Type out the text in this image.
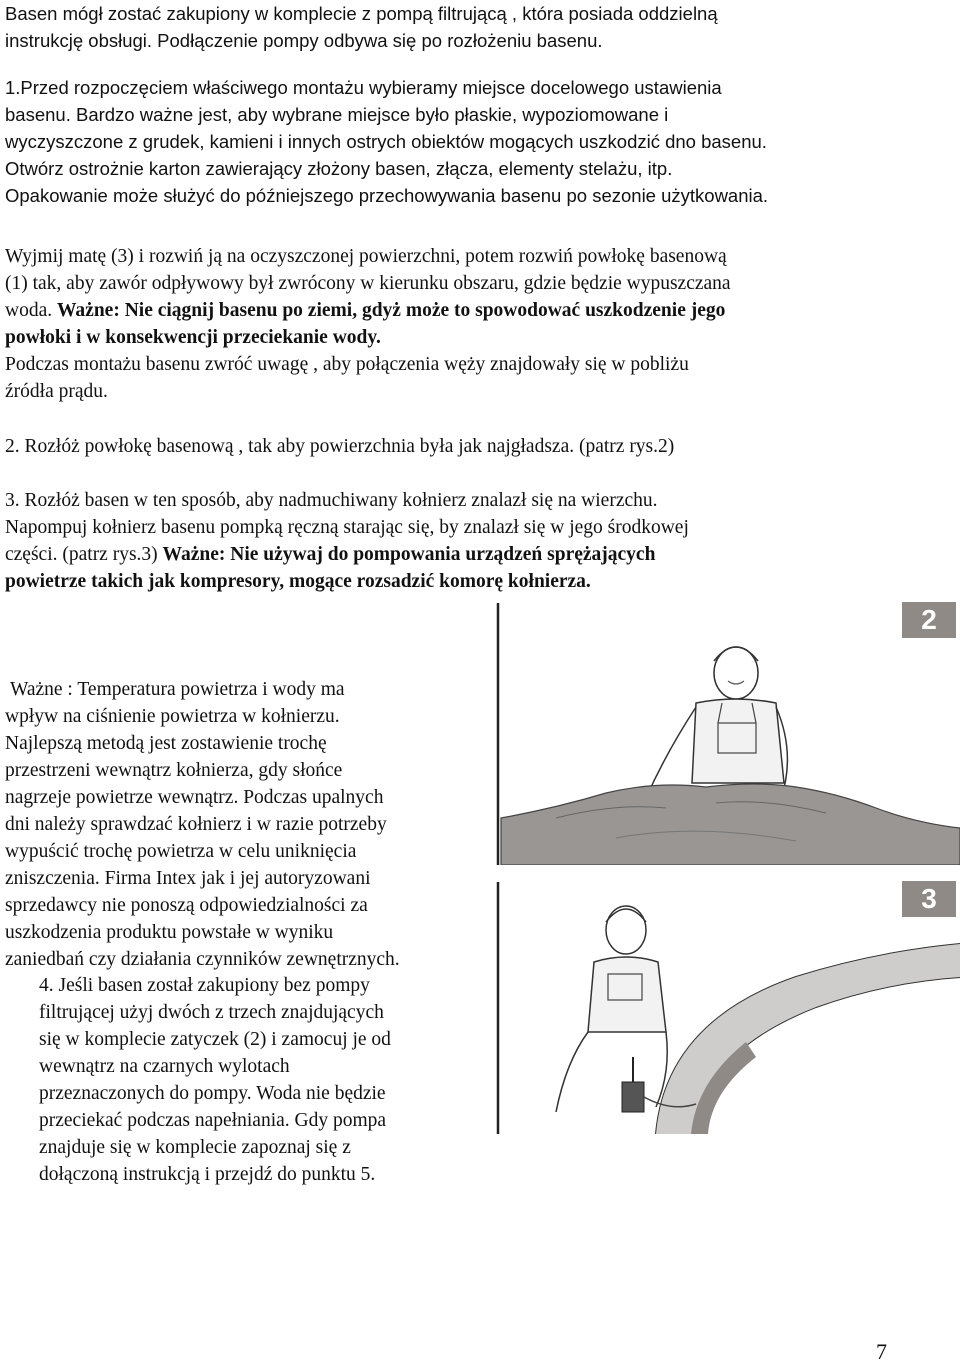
Basen mógł zostać zakupiony w komplecie z pompą filtrującą , która posiada oddzielną

instrukcję obsługi. Podłączenie pompy odbywa się po rozłożeniu basenu.

1.Przed rozpoczęciem właściwego montażu wybieramy miejsce docelowego ustawienia

basenu. Bardzo ważne jest, aby wybrane miejsce było płaskie, wypoziomowane i

wyczyszczone z grudek, kamieni i innych ostrych obiektów mogących uszkodzić dno basenu.

Otwórz ostrożnie karton zawierający złożony basen, złącza, elementy stelażu, itp.

Opakowanie może służyć do późniejszego przechowywania basenu po sezonie użytkowania.

Wyjmij matę (3) i rozwiń ją na oczyszczonej powierzchni, potem rozwiń powłokę basenową

(1) tak, aby zawór odpływowy był zwrócony w kierunku obszaru, gdzie będzie wypuszczana

woda. Ważne: Nie ciągnij basenu po ziemi, gdyż może to spowodować uszkodzenie jego

powłoki i w konsekwencji przeciekanie wody.

Podczas montażu basenu zwróć uwagę , aby połączenia węży znajdowały się w pobliżu

źródła prądu.

2. Rozłóż powłokę basenową , tak aby powierzchnia była jak najgładsza. (patrz rys.2)

3. Rozłóż basen w ten sposób, aby nadmuchiwany kołnierz znalazł się na wierzchu.

Napompuj kołnierz basenu pompką ręczną starając się, by znalazł się w jego środkowej

części. (patrz rys.3) Ważne: Nie używaj do pompowania urządzeń sprężających

powietrze takich jak kompresory, mogące rozsadzić komorę kołnierza.

Ważne : Temperatura powietrza i wody ma

wpływ na ciśnienie powietrza w kołnierzu.

Najlepszą metodą jest zostawienie trochę

przestrzeni wewnątrz kołnierza, gdy słońce

nagrzeje powietrze wewnątrz. Podczas upalnych

dni należy sprawdzać kołnierz i w razie potrzeby

wypuścić trochę powietrza w celu uniknięcia

zniszczenia. Firma Intex jak i jej autoryzowani

sprzedawcy nie ponoszą odpowiedzialności za

uszkodzenia produktu powstałe w wyniku

zaniedbań czy działania czynników zewnętrznych.

4. Jeśli basen został zakupiony bez pompy

filtrującej użyj dwóch z trzech znajdujących

się w komplecie zatyczek (2) i zamocuj je od

wewnątrz na czarnych wylotach

przeznaczonych do pompy. Woda nie będzie

przeciekać podczas napełniania. Gdy pompa

znajduje się w komplecie zapoznaj się z

dołączoną instrukcją i przejdź do punktu 5.

2
3
7
